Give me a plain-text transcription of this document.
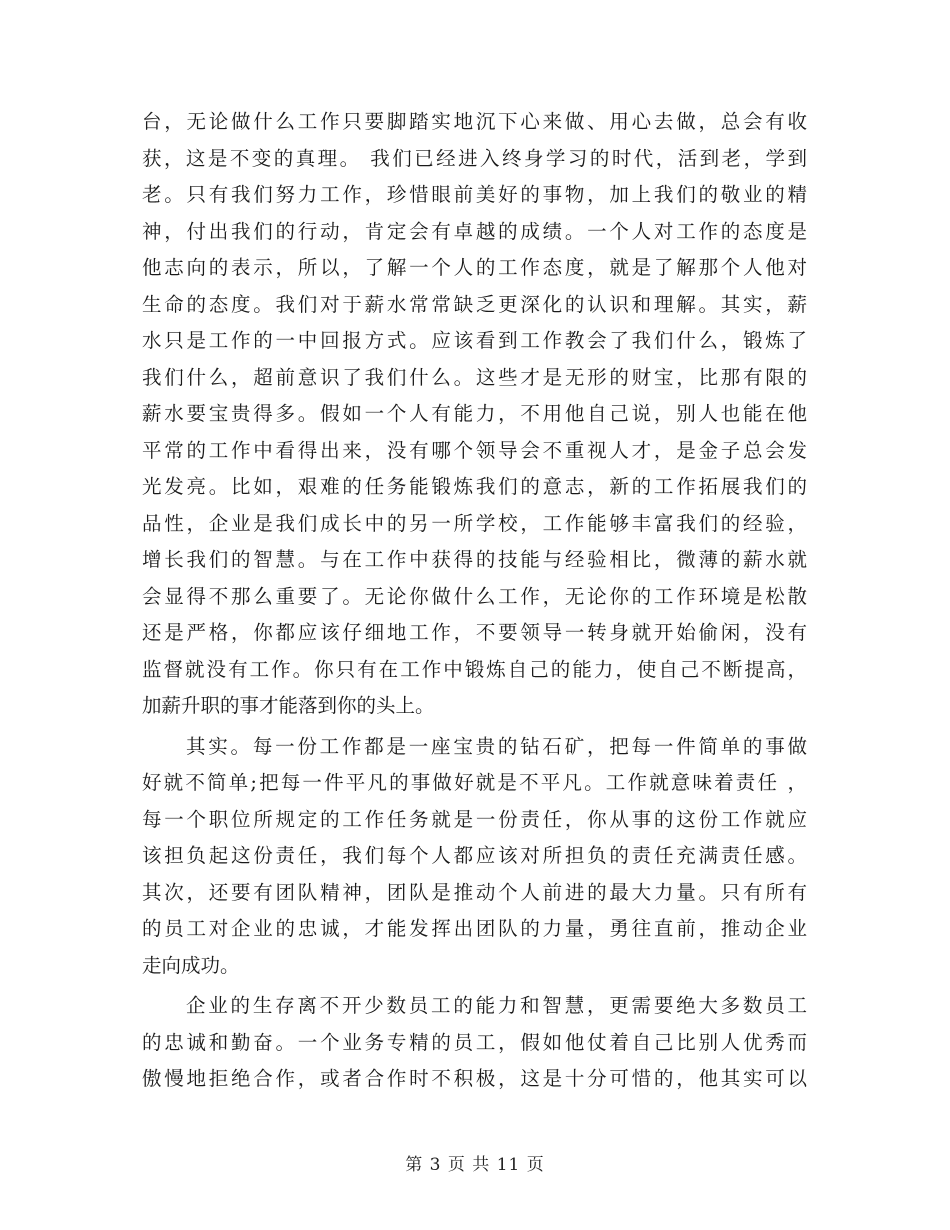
台，无论做什么工作只要脚踏实地沉下心来做、用心去做，总会有收
获，这是不变的真理。 我们已经进入终身学习的时代，活到老，学到
老。只有我们努力工作，珍惜眼前美好的事物，加上我们的敬业的精
神，付出我们的行动，肯定会有卓越的成绩。一个人对工作的态度是
他志向的表示，所以，了解一个人的工作态度，就是了解那个人他对
生命的态度。我们对于薪水常常缺乏更深化的认识和理解。其实，薪
水只是工作的一中回报方式。应该看到工作教会了我们什么，锻炼了
我们什么，超前意识了我们什么。这些才是无形的财宝，比那有限的
薪水要宝贵得多。假如一个人有能力，不用他自己说，别人也能在他
平常的工作中看得出来，没有哪个领导会不重视人才，是金子总会发
光发亮。比如，艰难的任务能锻炼我们的意志，新的工作拓展我们的
品性，企业是我们成长中的另一所学校，工作能够丰富我们的经验，
增长我们的智慧。与在工作中获得的技能与经验相比，微薄的薪水就
会显得不那么重要了。无论你做什么工作，无论你的工作环境是松散
还是严格，你都应该仔细地工作，不要领导一转身就开始偷闲，没有
监督就没有工作。你只有在工作中锻炼自己的能力，使自己不断提高，
加薪升职的事才能落到你的头上。
其实。每一份工作都是一座宝贵的钻石矿，把每一件简单的事做
好就不简单;把每一件平凡的事做好就是不平凡。工作就意味着责任 ，
每一个职位所规定的工作任务就是一份责任，你从事的这份工作就应
该担负起这份责任，我们每个人都应该对所担负的责任充满责任感。
其次，还要有团队精神，团队是推动个人前进的最大力量。只有所有
的员工对企业的忠诚，才能发挥出团队的力量，勇往直前，推动企业
走向成功。
企业的生存离不开少数员工的能力和智慧，更需要绝大多数员工
的忠诚和勤奋。一个业务专精的员工，假如他仗着自己比别人优秀而
傲慢地拒绝合作，或者合作时不积极，这是十分可惜的，他其实可以
第 3 页 共 11 页
